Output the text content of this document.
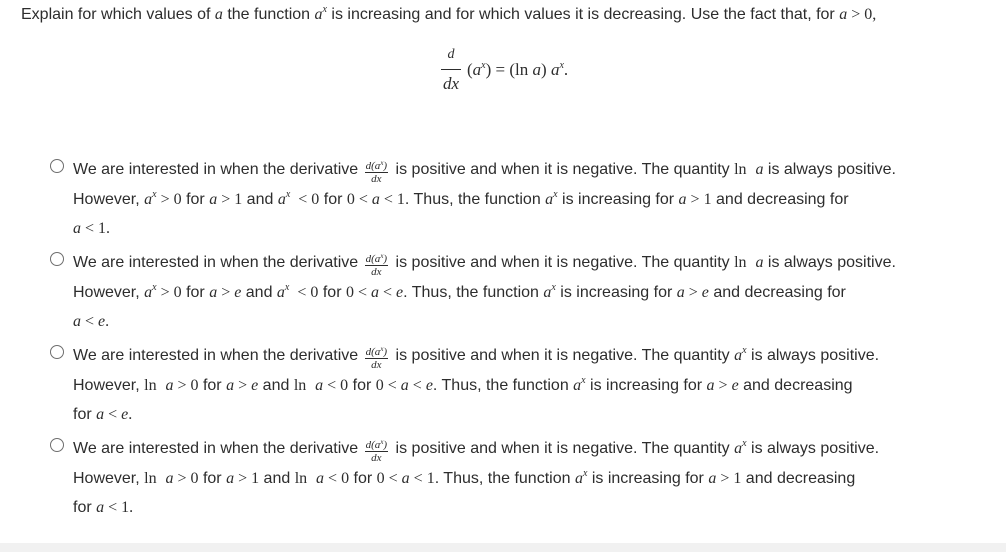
Explain for which values of a the function $a^x$ is increasing and for which values it is decreasing. Use the fact that, for a > 0,
d
dx
$(a^x) = (\ln$ a) $a^x$.
We are interested in when the derivative $\frac{d(a^x)}{dx}$ is positive and when it is negative. The quantity ln a is always positive.
However, $a^x > 0$ for a > 1 and $a^x < 0$ for 0 < a < 1. Thus, the function $a^x$ is increasing for a > 1 and decreasing for
a < 1.
We are interested in when the derivative $\frac{d(a^x)}{dx}$ is positive and when it is negative. The quantity ln a is always positive.
However, $a^x > 0$ for a > e and $a^x < 0$ for 0 < a < e. Thus, the function $a^x$ is increasing for a > e and decreasing for
a < e.
We are interested in when the derivative $\frac{d(a^x)}{dx}$ is positive and when it is negative. The quantity $a^x$ is always positive.
However, ln a > 0 for a > e and ln a < 0 for 0 < a < e. Thus, the function $a^x$ is increasing for a > e and decreasing
for a < e.
We are interested in when the derivative $\frac{d(a^x)}{dx}$ is positive and when it is negative. The quantity $a^x$ is always positive.
However, ln a > 0 for a > 1 and ln a < 0 for 0 < a < 1. Thus, the function $a^x$ is increasing for a > 1 and decreasing
for a < 1.
